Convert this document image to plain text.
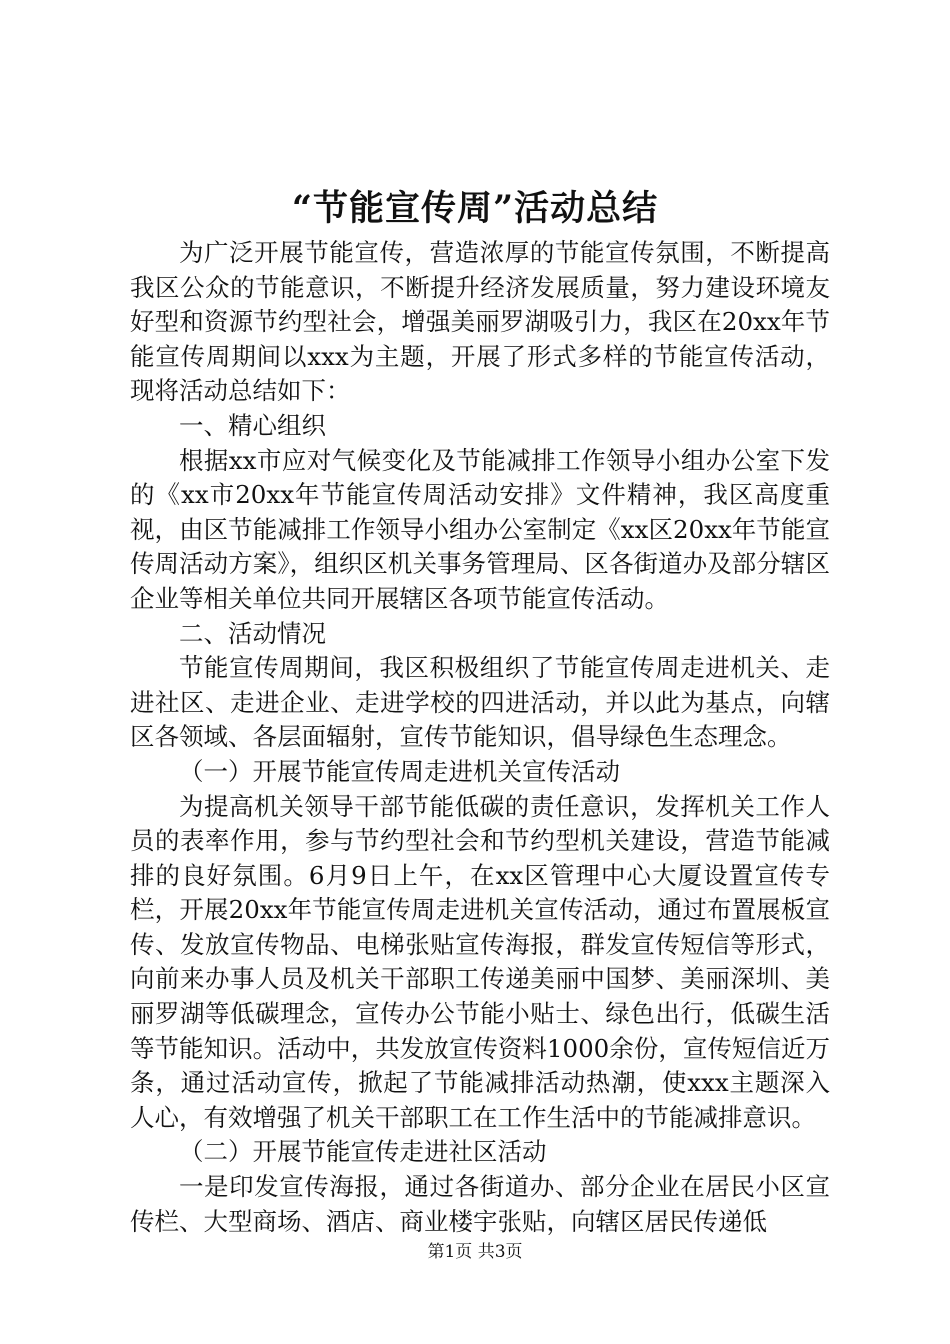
“节能宣传周”活动总结

为广泛开展节能宣传，营造浓厚的节能宣传氛围，不断提高我区公众的节能意识，不断提升经济发展质量，努力建设环境友好型和资源节约型社会，增强美丽罗湖吸引力，我区在20xx年节能宣传周期间以xxx为主题，开展了形式多样的节能宣传活动，现将活动总结如下：

一、精心组织

根据xx市应对气候变化及节能减排工作领导小组办公室下发的《xx市20xx年节能宣传周活动安排》文件精神，我区高度重视，由区节能减排工作领导小组办公室制定《xx区20xx年节能宣传周活动方案》，组织区机关事务管理局、区各街道办及部分辖区企业等相关单位共同开展辖区各项节能宣传活动。

二、活动情况

节能宣传周期间，我区积极组织了节能宣传周走进机关、走进社区、走进企业、走进学校的四进活动，并以此为基点，向辖区各领域、各层面辐射，宣传节能知识，倡导绿色生态理念。

（一）开展节能宣传周走进机关宣传活动

为提高机关领导干部节能低碳的责任意识，发挥机关工作人员的表率作用，参与节约型社会和节约型机关建设，营造节能减排的良好氛围。6月9日上午，在xx区管理中心大厦设置宣传专栏，开展20xx年节能宣传周走进机关宣传活动，通过布置展板宣传、发放宣传物品、电梯张贴宣传海报，群发宣传短信等形式，向前来办事人员及机关干部职工传递美丽中国梦、美丽深圳、美丽罗湖等低碳理念，宣传办公节能小贴士、绿色出行，低碳生活等节能知识。活动中，共发放宣传资料1000余份，宣传短信近万条，通过活动宣传，掀起了节能减排活动热潮，使xxx主题深入人心，有效增强了机关干部职工在工作生活中的节能减排意识。

（二）开展节能宣传走进社区活动

一是印发宣传海报，通过各街道办、部分企业在居民小区宣传栏、大型商场、酒店、商业楼宇张贴，向辖区居民传递低

第1页 共3页
